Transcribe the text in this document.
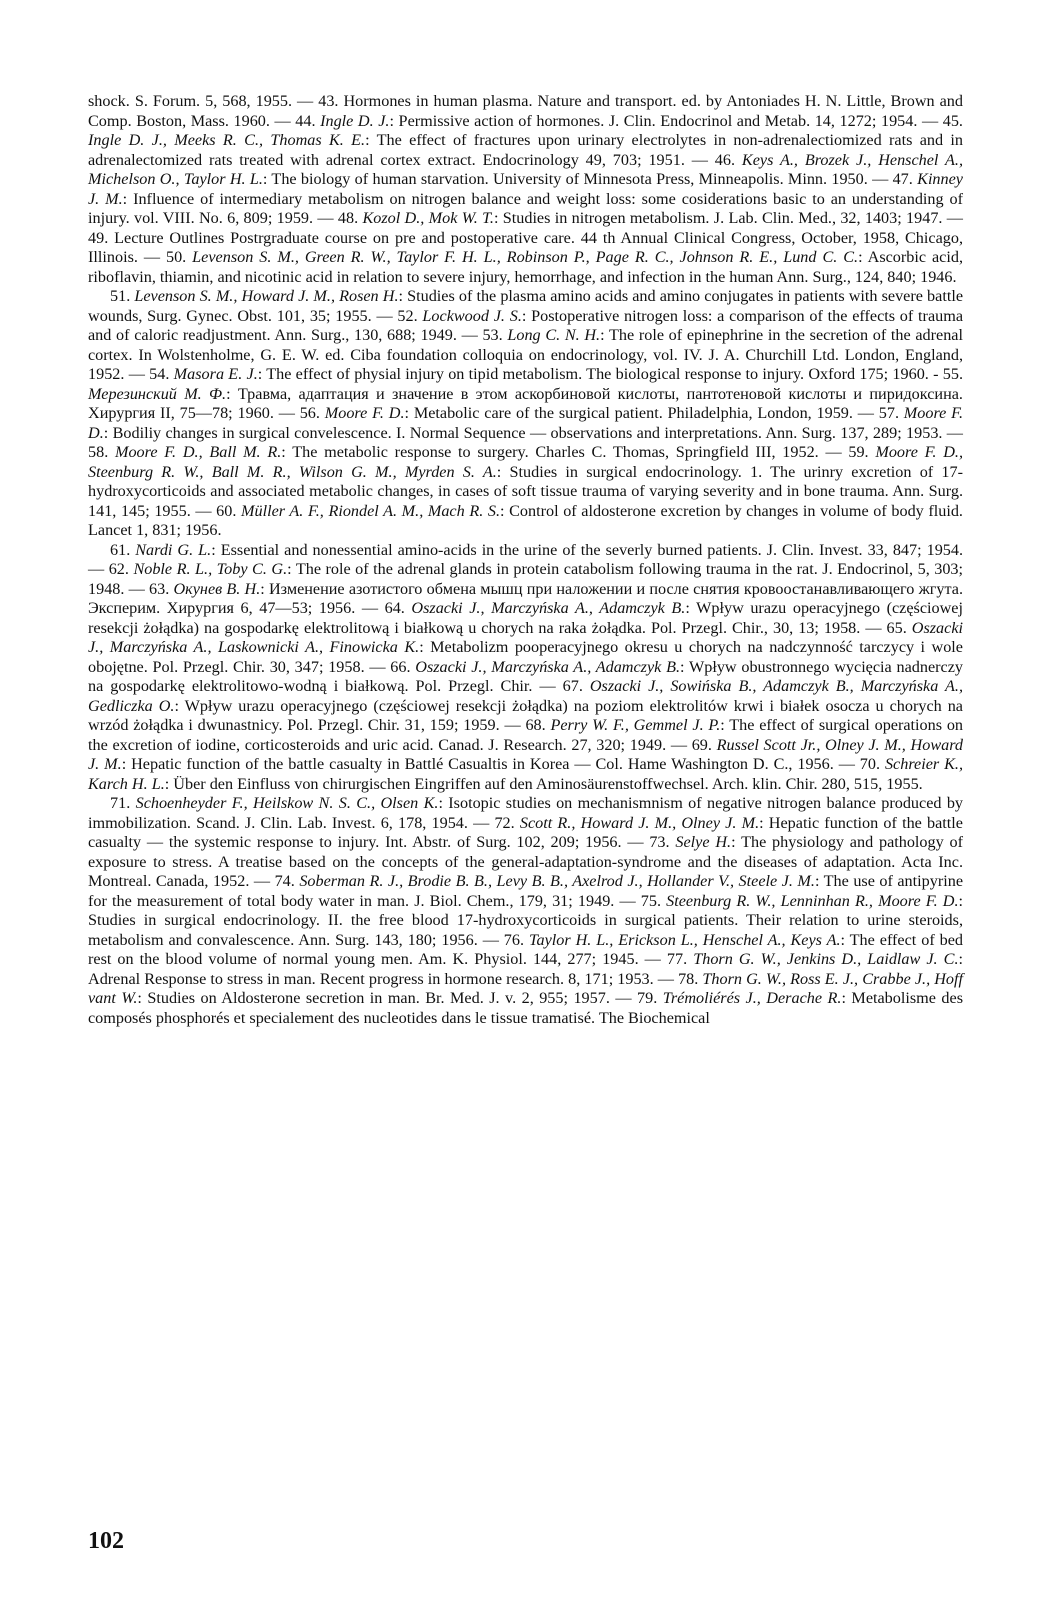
shock. S. Forum. 5, 568, 1955. — 43. Hormones in human plasma. Nature and transport. ed. by Antoniades H. N. Little, Brown and Comp. Boston, Mass. 1960. — 44. Ingle D. J.: Permissive action of hormones. J. Clin. Endocrinol and Metab. 14, 1272; 1954. — 45. Ingle D. J., Meeks R. C., Thomas K. E.: The effect of fractures upon urinary electrolytes in non-adrenalectiomized rats and in adrenalectomized rats treated with adrenal cortex extract. Endocrinology 49, 703; 1951. — 46. Keys A., Brozek J., Henschel A., Michelson O., Taylor H. L.: The biology of human starvation. University of Minnesota Press, Minneapolis. Minn. 1950. — 47. Kinney J. M.: Influence of intermediary metabolism on nitrogen balance and weight loss: some cosiderations basic to an understanding of injury. vol. VIII. No. 6, 809; 1959. — 48. Kozol D., Mok W. T.: Studies in nitrogen metabolism. J. Lab. Clin. Med., 32, 1403; 1947. — 49. Lecture Outlines Postrgraduate course on pre and postoperative care. 44 th Annual Clinical Congress, October, 1958, Chicago, Illinois. — 50. Levenson S. M., Green R. W., Taylor F. H. L., Robinson P., Page R. C., Johnson R. E., Lund C. C.: Ascorbic acid, riboflavin, thiamin, and nicotinic acid in relation to severe injury, hemorrhage, and infection in the human Ann. Surg., 124, 840; 1946.

51. Levenson S. M., Howard J. M., Rosen H.: Studies of the plasma amino acids and amino conjugates in patients with severe battle wounds, Surg. Gynec. Obst. 101, 35; 1955. — 52. Lockwood J. S.: Postoperative nitrogen loss: a comparison of the effects of trauma and of caloric readjustment. Ann. Surg., 130, 688; 1949. — 53. Long C. N. H.: The role of epinephrine in the secretion of the adrenal cortex. In Wolstenholme, G. E. W. ed. Ciba foundation colloquia on endocrinology, vol. IV. J. A. Churchill Ltd. London, England, 1952. — 54. Masora E. J.: The effect of physial injury on tipid metabolism. The biological response to injury. Oxford 175; 1960. - 55. Мерезинский М. Ф.: Травма, адаптация и значение в этом аскорбиновой кислоты, пантотеновой кислоты и пиридоксина. Хирургия II, 75—78; 1960. — 56. Moore F. D.: Metabolic care of the surgical patient. Philadelphia, London, 1959. — 57. Moore F. D.: Bodiliy changes in surgical convelescence. I. Normal Sequence — observations and interpretations. Ann. Surg. 137, 289; 1953. — 58. Moore F. D., Ball M. R.: The metabolic response to surgery. Charles C. Thomas, Springfield III, 1952. — 59. Moore F. D., Steenburg R. W., Ball M. R., Wilson G. M., Myrden S. A.: Studies in surgical endocrinology. 1. The urinry excretion of 17-hydroxycorticoids and associated metabolic changes, in cases of soft tissue trauma of varying severity and in bone trauma. Ann. Surg. 141, 145; 1955. — 60. Müller A. F., Riondel A. M., Mach R. S.: Control of aldosterone excretion by changes in volume of body fluid. Lancet 1, 831; 1956.

61. Nardi G. L.: Essential and nonessential amino-acids in the urine of the severly burned patients. J. Clin. Invest. 33, 847; 1954. — 62. Noble R. L., Toby C. G.: The role of the adrenal glands in protein catabolism following trauma in the rat. J. Endocrinol, 5, 303; 1948. — 63. Окунев В. Н.: Изменение азотистого обмена мышц при наложении и после снятия кровоостанавливающего жгута. Эксперим. Хирургия 6, 47—53; 1956. — 64. Oszacki J., Marczyńska A., Adamczyk B.: Wpływ urazu operacyjnego (częściowej resekcji żołądka) na gospodarkę elektrolitową i białkową u chorych na raka żołądka. Pol. Przegl. Chir., 30, 13; 1958. — 65. Oszacki J., Marczyńska A., Laskownicki A., Finowicka K.: Metabolizm pooperacyjnego okresu u chorych na nadczynność tarczycy i wole obojętne. Pol. Przegl. Chir. 30, 347; 1958. — 66. Oszacki J., Marczyńska A., Adamczyk B.: Wpływ obustronnego wycięcia nadnerczy na gospodarkę elektrolitowo-wodną i białkową. Pol. Przegl. Chir. — 67. Oszacki J., Sowińska B., Adamczyk B., Marczyńska A., Gedliczka O.: Wpływ urazu operacyjnego (częściowej resekcji żołądka) na poziom elektrolitów krwi i białek osocza u chorych na wrzód żołądka i dwunastnicy. Pol. Przegl. Chir. 31, 159; 1959. — 68. Perry W. F., Gemmel J. P.: The effect of surgical operations on the excretion of iodine, corticosteroids and uric acid. Canad. J. Research. 27, 320; 1949. — 69. Russel Scott Jr., Olney J. M., Howard J. M.: Hepatic function of the battle casualty in Battlé Casualtis in Korea — Col. Hame Washington D. C., 1956. — 70. Schreier K., Karch H. L.: Über den Einfluss von chirurgischen Eingriffen auf den Aminosäurenstoffwechsel. Arch. klin. Chir. 280, 515, 1955.

71. Schoenheyder F., Heilskow N. S. C., Olsen K.: Isotopic studies on mechanismnism of negative nitrogen balance produced by immobilization. Scand. J. Clin. Lab. Invest. 6, 178, 1954. — 72. Scott R., Howard J. M., Olney J. M.: Hepatic function of the battle casualty — the systemic response to injury. Int. Abstr. of Surg. 102, 209; 1956. — 73. Selye H.: The physiology and pathology of exposure to stress. A treatise based on the concepts of the general-adaptation-syndrome and the diseases of adaptation. Acta Inc. Montreal. Canada, 1952. — 74. Soberman R. J., Brodie B. B., Levy B. B., Axelrod J., Hollander V., Steele J. M.: The use of antipyrine for the measurement of total body water in man. J. Biol. Chem., 179, 31; 1949. — 75. Steenburg R. W., Lenninhan R., Moore F. D.: Studies in surgical endocrinology. II. the free blood 17-hydroxycorticoids in surgical patients. Their relation to urine steroids, metabolism and convalescence. Ann. Surg. 143, 180; 1956. — 76. Taylor H. L., Erickson L., Henschel A., Keys A.: The effect of bed rest on the blood volume of normal young men. Am. K. Physiol. 144, 277; 1945. — 77. Thorn G. W., Jenkins D., Laidlaw J. C.: Adrenal Response to stress in man. Recent progress in hormone research. 8, 171; 1953. — 78. Thorn G. W., Ross E. J., Crabbe J., Hoff vant W.: Studies on Aldosterone secretion in man. Br. Med. J. v. 2, 955; 1957. — 79. Trémoliérés J., Derache R.: Metabolisme des composés phosphorés et specialement des nucleotides dans le tissue tramatisé. The Biochemical

102
